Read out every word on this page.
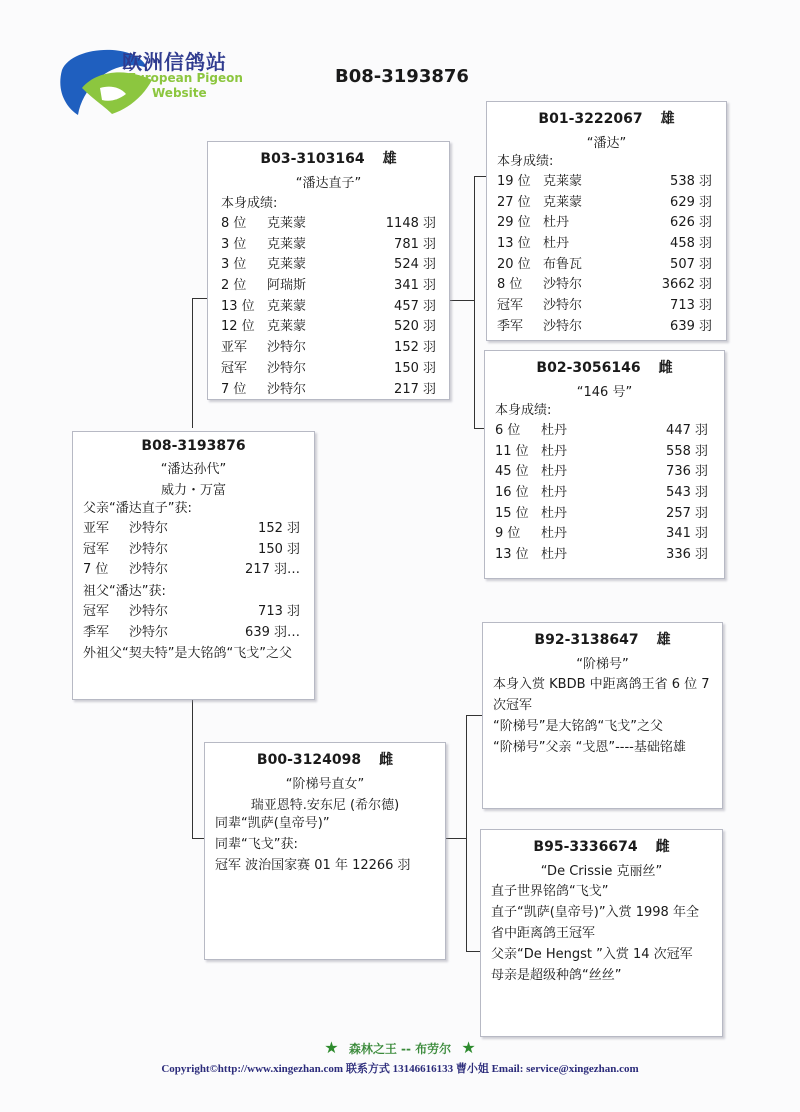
欧洲信鸽站
European Pigeon
Website
B08-3193876
B03-3103164 雄
“潘达直子”
本身成绩:
8 位 克莱蒙	1148 羽
3 位 克莱蒙	781 羽
3 位 克莱蒙	524 羽
2 位 阿瑞斯	341 羽
13 位 克莱蒙	457 羽
12 位 克莱蒙	520 羽
亚军 沙特尔	152 羽
冠军 沙特尔	150 羽
7 位 沙特尔	217 羽
B01-3222067 雄
“潘达”
本身成绩:
19 位 克莱蒙	538 羽
27 位 克莱蒙	629 羽
29 位 杜丹	626 羽
13 位 杜丹	458 羽
20 位 布鲁瓦	507 羽
8 位 沙特尔	3662 羽
冠军 沙特尔	713 羽
季军 沙特尔	639 羽
B02-3056146 雌
“146 号”
本身成绩:
6 位 杜丹	447 羽
11 位 杜丹	558 羽
45 位 杜丹	736 羽
16 位 杜丹	543 羽
15 位 杜丹	257 羽
9 位 杜丹	341 羽
13 位 杜丹	336 羽
B08-3193876
“潘达孙代”
威力・万富
父亲“潘达直子”获:
亚军 沙特尔	152 羽
冠军 沙特尔	150 羽
7 位 沙特尔	217 羽…
祖父“潘达”获:
冠军 沙特尔	713 羽
季军 沙特尔	639 羽…
外祖父“契夫特”是大铭鸽“飞戈”之父
B00-3124098 雌
“阶梯号直女”
瑞亚恩特.安东尼 (希尔德)
同辈“凯萨(皇帝号)”
同辈“飞戈”获:
冠军 波治国家赛 01 年 12266 羽
B92-3138647 雄
“阶梯号”
本身入赏 KBDB 中距离鸽王省 6 位 7 次冠军
“阶梯号”是大铭鸽“飞戈”之父
“阶梯号”父亲 “戈恩”----基础铭雄
B95-3336674 雌
“De Crissie 克丽丝”
直子世界铭鸽“飞戈”
直子“凯萨(皇帝号)”入赏 1998 年全省中距离鸽王冠军
父亲“De Hengst ”入赏 14 次冠军
母亲是超级种鸽“丝丝”
★ 森林之王 -- 布劳尔 ★
Copyright©http://www.xingezhan.com 联系方式 13146616133 曹小姐 Email: service@xingezhan.com
